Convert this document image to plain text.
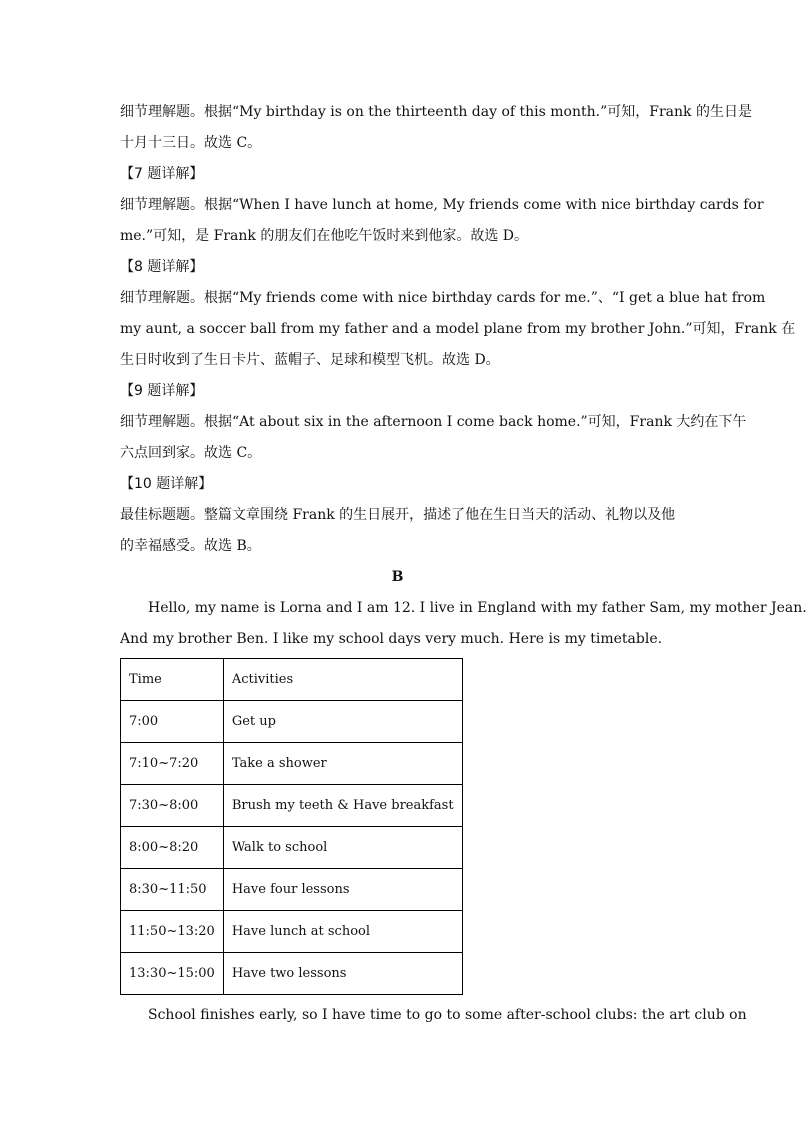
细节理解题。根据“My birthday is on the thirteenth day of this month.”可知，Frank 的生日是
十月十三日。故选 C。
【7 题详解】
细节理解题。根据“When I have lunch at home, My friends come with nice birthday cards for
me.”可知，是 Frank 的朋友们在他吃午饭时来到他家。故选 D。
【8 题详解】
细节理解题。根据“My friends come with nice birthday cards for me.”、“I get a blue hat from
my aunt, a soccer ball from my father and a model plane from my brother John.”可知，Frank 在
生日时收到了生日卡片、蓝帽子、足球和模型飞机。故选 D。
【9 题详解】
细节理解题。根据“At about six in the afternoon I come back home.”可知，Frank 大约在下午
六点回到家。故选 C。
【10 题详解】
最佳标题题。整篇文章围绕 Frank 的生日展开，描述了他在生日当天的活动、礼物以及他
的幸福感受。故选 B。
B
Hello, my name is Lorna and I am 12. I live in England with my father Sam, my mother Jean.
And my brother Ben. I like my school days very much. Here is my timetable.
Time	Activities
7:00	Get up
7:10~7:20	Take a shower
7:30~8:00	Brush my teeth & Have breakfast
8:00~8:20	Walk to school
8:30~11:50	Have four lessons
11:50~13:20	Have lunch at school
13:30~15:00	Have two lessons
School finishes early, so I have time to go to some after-school clubs: the art club on
